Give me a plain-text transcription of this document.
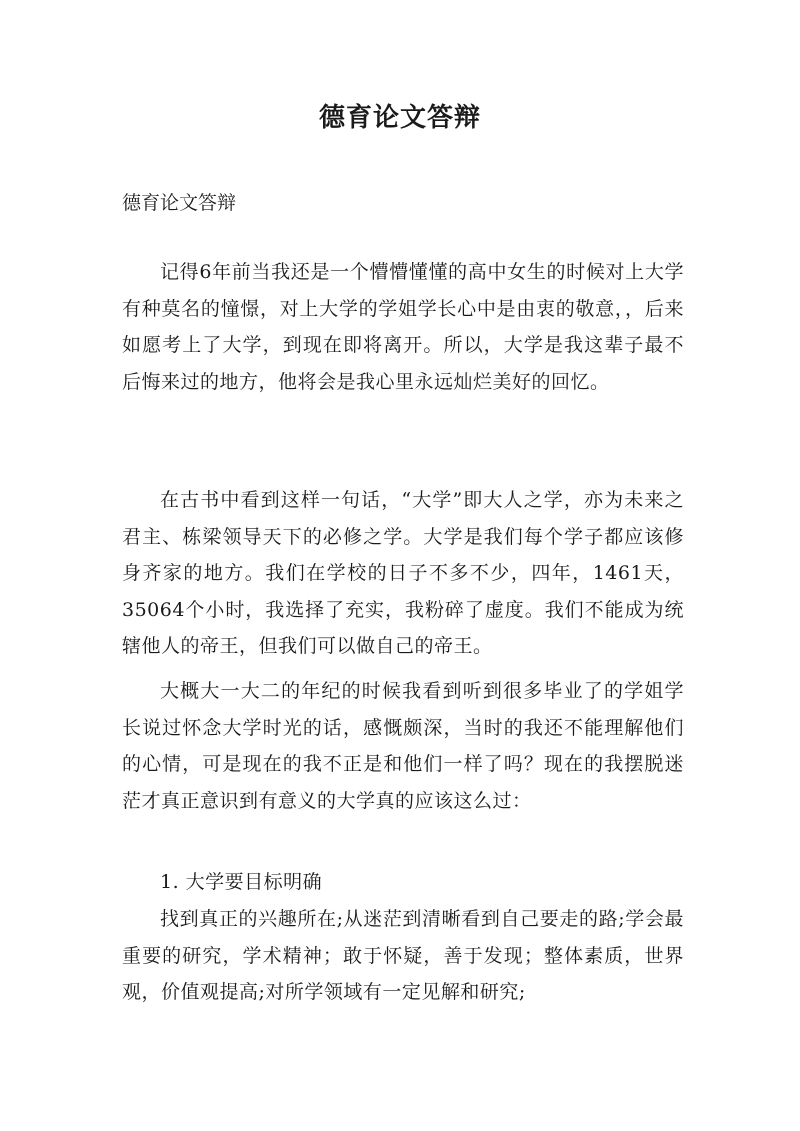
德育论文答辩

德育论文答辩

记得6年前当我还是一个懵懵懂懂的高中女生的时候对上大学有种莫名的憧憬，对上大学的学姐学长心中是由衷的敬意，，后来如愿考上了大学，到现在即将离开。所以，大学是我这辈子最不后悔来过的地方，他将会是我心里永远灿烂美好的回忆。

在古书中看到这样一句话，“大学”即大人之学，亦为未来之君主、栋梁领导天下的必修之学。大学是我们每个学子都应该修身齐家的地方。我们在学校的日子不多不少，四年，1461天，35064个小时，我选择了充实，我粉碎了虚度。我们不能成为统辖他人的帝王，但我们可以做自己的帝王。

大概大一大二的年纪的时候我看到听到很多毕业了的学姐学长说过怀念大学时光的话，感慨颇深，当时的我还不能理解他们的心情，可是现在的我不正是和他们一样了吗？现在的我摆脱迷茫才真正意识到有意义的大学真的应该这么过：

1. 大学要目标明确

找到真正的兴趣所在;从迷茫到清晰看到自己要走的路;学会最重要的研究，学术精神；敢于怀疑，善于发现；整体素质，世界观，价值观提高;对所学领域有一定见解和研究;
